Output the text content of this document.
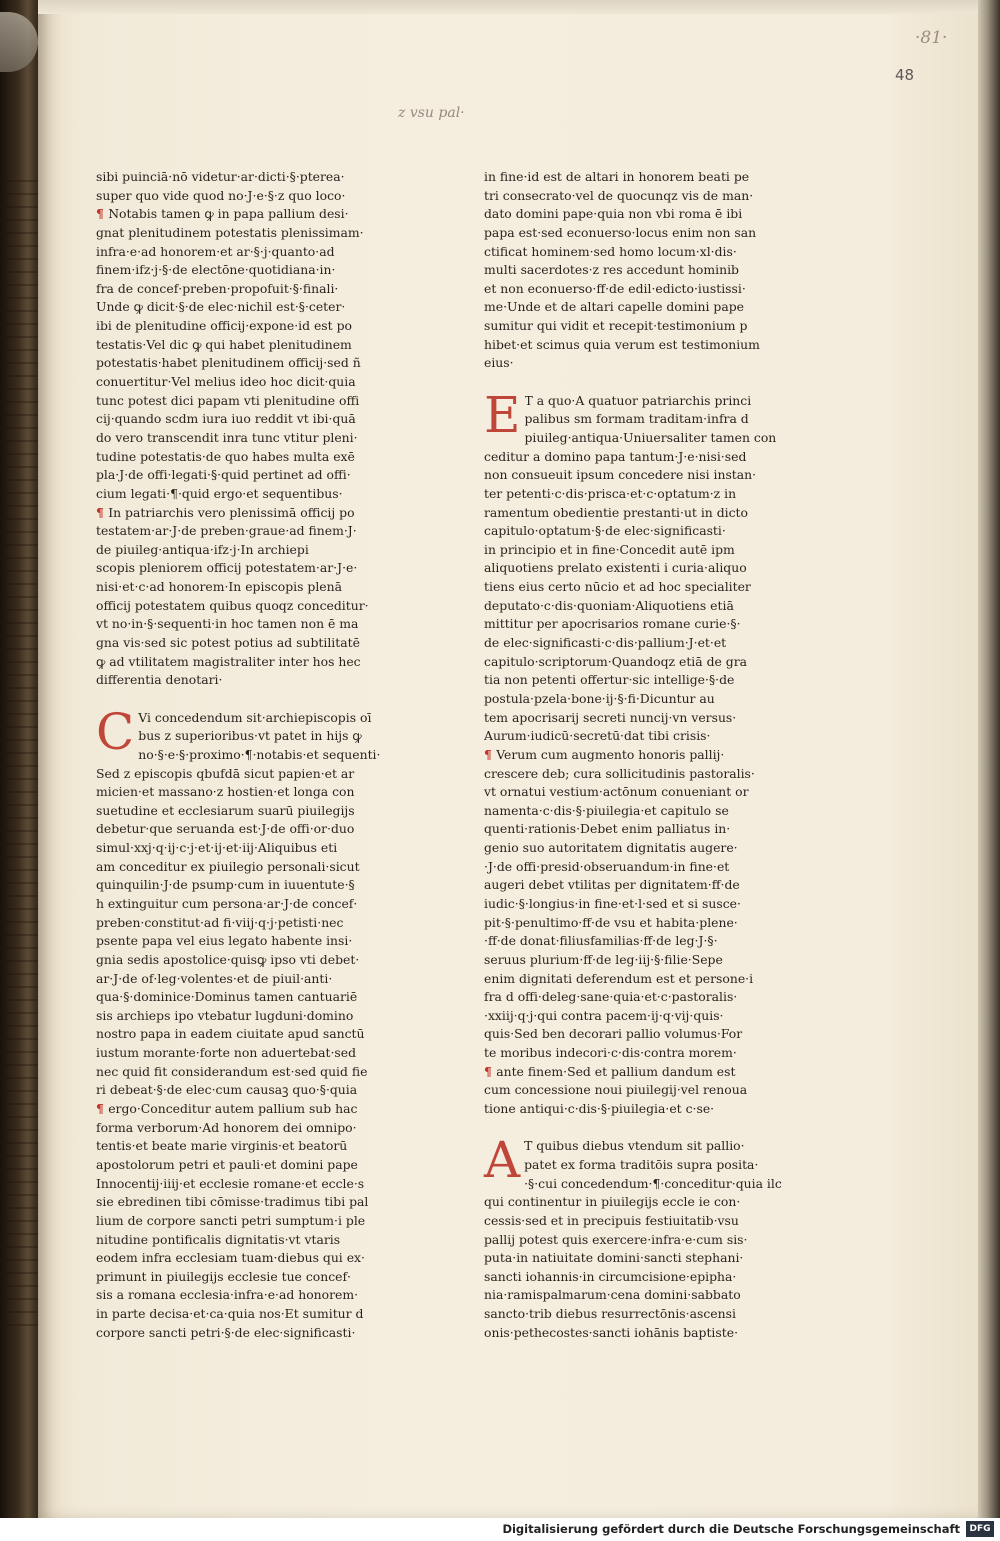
·81·
48
z vsu pal·
sibi puinciā·nō videtur·ar·dicti·§·pterea·
super quo vide quod no·J·e·§·z quo loco·
¶ Notabis tamen ꝙ in papa pallium desi·
gnat plenitudinem potestatis plenissimam·
infra·e·ad honorem·et ar·§·j·quanto·ad
finem·ifz·j·§·de electōne·quotidiana·in·
fra de concef·preben·propofuit·§·finali·
Unde ꝙ dicit·§·de elec·nichil est·§·ceter·
ibi de plenitudine officij·expone·id est po
testatis·Vel dic ꝙ qui habet plenitudinem
potestatis·habet plenitudinem officij·sed ñ
conuertitur·Vel melius ideo hoc dicit·quia
tunc potest dici papam vti plenitudine offi
cij·quando scdm iura iuo reddit vt ibi·quā
do vero transcendit inra tunc vtitur pleni·
tudine potestatis·de quo habes multa exē
pla·J·de offi·legati·§·quid pertinet ad offi·
cium legati·¶·quid ergo·et sequentibus·
¶ In patriarchis vero plenissimā officij po
testatem·ar·J·de preben·graue·ad finem·J·
de piuileg·antiqua·ifz·j·In archiepi
scopis pleniorem officij potestatem·ar·J·e·
nisi·et·c·ad honorem·In episcopis plenā
officij potestatem quibus quoqz conceditur·
vt no·in·§·sequenti·in hoc tamen non ē ma
gna vis·sed sic potest potius ad subtilitatē
ꝙ ad vtilitatem magistraliter inter hos hec
differentia denotari·
C Vi concedendum sit·archiepiscopis oī
bus z superioribus·vt patet in hijs ꝙ
no·§·e·§·proximo·¶·notabis·et sequenti·
Sed z episcopis qbufdā sicut papien·et ar
micien·et massano·z hostien·et longa con
suetudine et ecclesiarum suarū piuilegijs
debetur·que seruanda est·J·de offi·or·duo
simul·xxj·q·ij·c·j·et·ij·et·iij·Aliquibus eti
am conceditur ex piuilegio personali·sicut
quinquilin·J·de psump·cum in iuuentute·§
h extinguitur cum persona·ar·J·de concef·
preben·constitut·ad fi·viij·q·j·petisti·nec
psente papa vel eius legato habente insi·
gnia sedis apostolice·quisꝙ ipso vti debet·
ar·J·de of·leg·volentes·et de piuil·anti·
qua·§·dominice·Dominus tamen cantuariē
sis archieps ipo vtebatur lugduni·domino
nostro papa in eadem ciuitate apud sanctū
iustum morante·forte non aduertebat·sed
nec quid fit considerandum est·sed quid fie
ri debeat·§·de elec·cum causaꝫ quo·§·quia
¶ ergo·Conceditur autem pallium sub hac
forma verborum·Ad honorem dei omnipo·
tentis·et beate marie virginis·et beatorū
apostolorum petri et pauli·et domini pape
Innocentij·iiij·et ecclesie romane·et eccle·s
sie ebredinen tibi cōmisse·tradimus tibi pal
lium de corpore sancti petri sumptum·i ple
nitudine pontificalis dignitatis·vt vtaris
eodem infra ecclesiam tuam·diebus qui ex·
primunt in piuilegijs ecclesie tue concef·
sis a romana ecclesia·infra·e·ad honorem·
in parte decisa·et·ca·quia nos·Et sumitur d
corpore sancti petri·§·de elec·significasti·
in fine·id est de altari in honorem beati pe
tri consecrato·vel de quocunqz vis de man·
dato domini pape·quia non vbi roma ē ibi
papa est·sed econuerso·locus enim non san
ctificat hominem·sed homo locum·xl·dis·
multi sacerdotes·z res accedunt hominib
et non econuerso·ff·de edil·edicto·iustissi·
me·Unde et de altari capelle domini pape
sumitur qui vidit et recepit·testimonium p
hibet·et scimus quia verum est testimonium
eius·
E T a quo·A quatuor patriarchis princi
palibus sm formam traditam·infra d
piuileg·antiqua·Uniuersaliter tamen con
ceditur a domino papa tantum·J·e·nisi·sed
non consueuit ipsum concedere nisi instan·
ter petenti·c·dis·prisca·et·c·optatum·z in
ramentum obedientie prestanti·ut in dicto
capitulo·optatum·§·de elec·significasti·
in principio et in fine·Concedit autē ipm
aliquotiens prelato existenti i curia·aliquo
tiens eius certo nūcio et ad hoc specialiter
deputato·c·dis·quoniam·Aliquotiens etiā
mittitur per apocrisarios romane curie·§·
de elec·significasti·c·dis·pallium·J·et·et
capitulo·scriptorum·Quandoqz etiā de gra
tia non petenti offertur·sic intellige·§·de
postula·pzela·bone·ij·§·fi·Dicuntur au
tem apocrisarij secreti nuncij·vn versus·
Aurum·iudicū·secretū·dat tibi crisis·
¶ Verum cum augmento honoris pallij·
crescere deb; cura sollicitudinis pastoralis·
vt ornatui vestium·actōnum conueniant or
namenta·c·dis·§·piuilegia·et capitulo se
quenti·rationis·Debet enim palliatus in·
genio suo autoritatem dignitatis augere·
·J·de offi·presid·obseruandum·in fine·et
augeri debet vtilitas per dignitatem·ff·de
iudic·§·longius·in fine·et·l·sed et si susce·
pit·§·penultimo·ff·de vsu et habita·plene·
·ff·de donat·filiusfamilias·ff·de leg·J·§·
seruus plurium·ff·de leg·iij·§·filie·Sepe
enim dignitati deferendum est et persone·i
fra d offi·deleg·sane·quia·et·c·pastoralis·
·xxiij·q·j·qui contra pacem·ij·q·vij·quis·
quis·Sed ben decorari pallio volumus·For
te moribus indecori·c·dis·contra morem·
¶ ante finem·Sed et pallium dandum est
cum concessione noui piuilegij·vel renoua
tione antiqui·c·dis·§·piuilegia·et c·se·
A T quibus diebus vtendum sit pallio·
patet ex forma traditōis supra posita·
·§·cui concedendum·¶·conceditur·quia ilc
qui continentur in piuilegijs eccle ie con·
cessis·sed et in precipuis festiuitatib·vsu
pallij potest quis exercere·infra·e·cum sis·
puta·in natiuitate domini·sancti stephani·
sancti iohannis·in circumcisione·epipha·
nia·ramispalmarum·cena domini·sabbato
sancto·trib diebus resurrectōnis·ascensi
onis·pethecostes·sancti iohānis baptiste·
Digitalisierung gefördert durch die Deutsche Forschungsgemeinschaft	DFG
